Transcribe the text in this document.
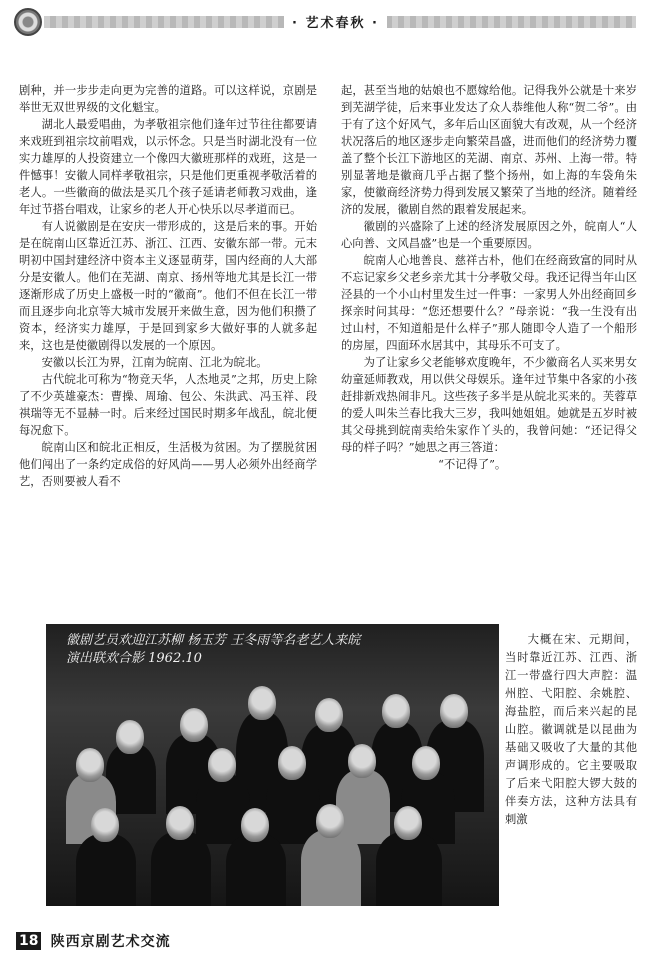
· 艺术春秋 ·

剧种，并一步步走向更为完善的道路。可以这样说，京剧是举世无双世界级的文化魁宝。

湖北人最爱唱曲，为孝敬祖宗他们逢年过节往往都要请来戏班到祖宗坟前唱戏，以示怀念。只是当时湖北没有一位实力雄厚的人投资建立一个像四大徽班那样的戏班，这是一件憾事！安徽人同样孝敬祖宗，只是他们更重视孝敬活着的老人。一些徽商的做法是买几个孩子延请老师教习戏曲，逢年过节搭台唱戏，让家乡的老人开心快乐以尽孝道而已。

有人说徽剧是在安庆一带形成的，这是后来的事。开始是在皖南山区靠近江苏、浙江、江西、安徽东部一带。元末明初中国封建经济中资本主义逐显萌芽，国内经商的人大部分是安徽人。他们在芜湖、南京、扬州等地尤其是长江一带逐渐形成了历史上盛极一时的“徽商”。他们不但在长江一带而且逐步向北京等大城市发展开来做生意，因为他们积攒了资本，经济实力雄厚，于是回到家乡大做好事的人就多起来，这也是使徽剧得以发展的一个原因。

安徽以长江为界，江南为皖南、江北为皖北。

古代皖北可称为“物竞天华，人杰地灵”之邦，历史上除了不少英雄豪杰：曹操、周瑜、包公、朱洪武、冯玉祥、段祺瑞等无不显赫一时。后来经过国民时期多年战乱，皖北便每况愈下。

皖南山区和皖北正相反，生活极为贫困。为了摆脱贫困他们闯出了一条约定成俗的好风尚——男人必须外出经商学艺，否则要被人看不

起，甚至当地的姑娘也不愿嫁给他。记得我外公就是十来岁到芜湖学徒，后来事业发达了众人恭维他人称“贺二爷”。由于有了这个好风气，多年后山区面貌大有改观，从一个经济状况落后的地区逐步走向繁荣昌盛，进而他们的经济势力覆盖了整个长江下游地区的芜湖、南京、苏州、上海一带。特别显著地是徽商几乎占据了整个扬州，如上海的车袋角朱家，使徽商经济势力得到发展又繁荣了当地的经济。随着经济的发展，徽剧自然的跟着发展起来。

徽剧的兴盛除了上述的经济发展原因之外，皖南人“人心向善、文风昌盛”也是一个重要原因。

皖南人心地善良、慈祥古朴，他们在经商致富的同时从不忘记家乡父老乡亲尤其十分孝敬父母。我还记得当年山区泾县的一个小山村里发生过一件事：一家男人外出经商回乡探亲时问其母：“您还想要什么？”母亲说：“我一生没有出过山村，不知道船是什么样子”那人随即令人造了一个船形的房屋，四面环水居其中，其母乐不可支了。

为了让家乡父老能够欢度晚年，不少徽商名人买来男女幼童延师教戏，用以供父母娱乐。逢年过节集中各家的小孩赶排新戏热闹非凡。这些孩子多半是从皖北买来的。芙蓉草的爱人叫朱兰春比我大三岁，我叫她姐姐。她就是五岁时被其父母挑到皖南卖给朱家作丫头的，我曾问她：“还记得父母的样子吗？”她思之再三答道：

“不记得了”。

徽剧艺员欢迎江苏柳 杨玉芳 王冬雨等名老艺人来皖
演出联欢合影 1962.10

大概在宋、元期间，当时靠近江苏、江西、浙江一带盛行四大声腔：温州腔、弋阳腔、余姚腔、海盐腔，而后来兴起的昆山腔。徽调就是以昆曲为基础又吸收了大量的其他声调形成的。它主要吸取了后来弋阳腔大锣大鼓的伴奏方法，这种方法具有刺激

18 陕西京剧艺术交流
